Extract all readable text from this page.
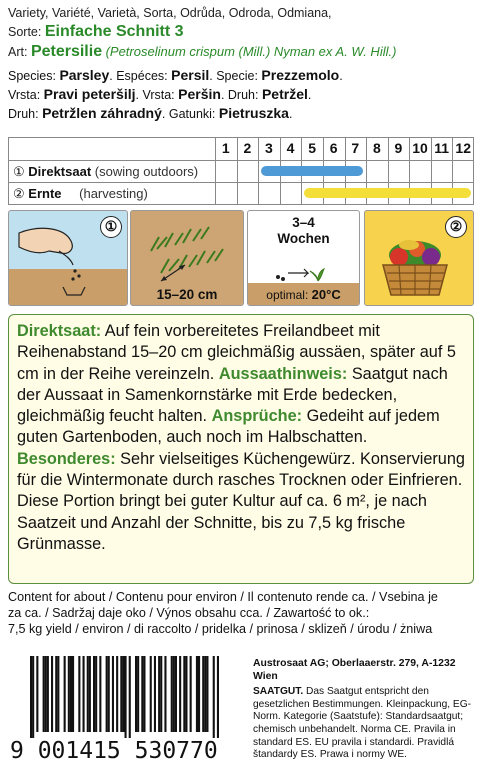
Variety, Variété, Varietà, Sorta, Odrůda, Odroda, Odmiana,
Sorte: Einfache Schnitt 3
Art: Petersilie (Petroselinum crispum (Mill.) Nyman ex A. W. Hill.)
Species: Parsley. Espéces: Persil. Specie: Prezzemolo.
Vrsta: Pravi peteršilj. Vrsta: Peršin. Druh: Petržel.
Druh: Petržlen záhradný. Gatunki: Pietruszka.
① Direktsaat (sowing outdoors)
② Ernte (harvesting)
1 2 3 4 5 6 7 8 9 10 11 12
①
15–20 cm
3–4
Wochen
optimal: 20°C
②

Direktsaat: Auf fein vorbereitetes Freilandbeet mit Reihenabstand 15–20 cm gleichmäßig aussäen, später auf 5 cm in der Reihe vereinzeln. Aussaathinweis: Saatgut nach der Aussaat in Samenkornstärke mit Erde bedecken, gleichmäßig feucht halten. Ansprüche: Gedeiht auf jedem guten Gartenboden, auch noch im Halbschatten. Besonderes: Sehr vielseitiges Küchengewürz. Konservierung für die Wintermonate durch rasches Trocknen oder Einfrieren.

Diese Portion bringt bei guter Kultur auf ca. 6 m², je nach Saatzeit und Anzahl der Schnitte, bis zu 7,5 kg frische Grünmasse.

Content for about / Contenu pour environ / Il contenuto rende ca. / Vsebina je
za ca. / Sadržaj daje oko / Výnos obsahu cca. / Zawartość to ok.:
7,5 kg yield / environ / di raccolto / pridelka / prinosa / sklizeň / úrodu / żniwa
9 001415 530770
Austrosaat AG; Oberlaaerstr. 279, A-1232 Wien
SAATGUT. Das Saatgut entspricht den gesetzlichen Bestimmungen. Kleinpackung, EG-Norm. Kategorie (Saatstufe): Standardsaatgut; chemisch unbehandelt. Norma CE. Pravila in standard ES. EU pravila i standardi. Pravidlá štandardy ES. Prawa i normy WE.
